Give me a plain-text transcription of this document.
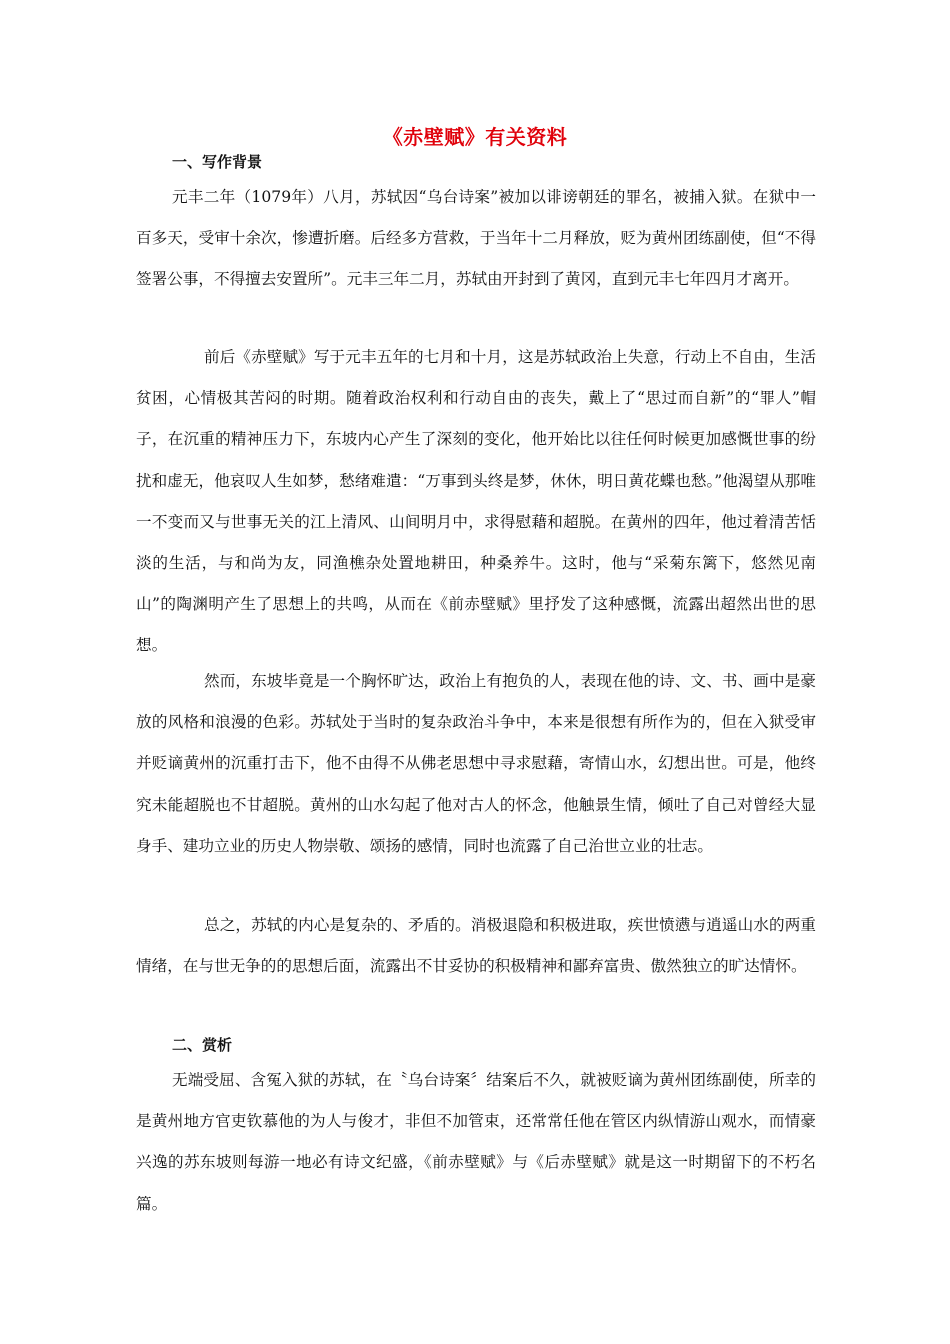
《赤壁赋》有关资料
一、写作背景

元丰二年（1079年）八月，苏轼因“乌台诗案”被加以诽谤朝廷的罪名，被捕入狱。在狱中一百多天，受审十余次，惨遭折磨。后经多方营救，于当年十二月释放，贬为黄州团练副使，但“不得签署公事，不得擅去安置所”。元丰三年二月，苏轼由开封到了黄冈，直到元丰七年四月才离开。

前后《赤壁赋》写于元丰五年的七月和十月，这是苏轼政治上失意，行动上不自由，生活贫困，心情极其苦闷的时期。随着政治权利和行动自由的丧失，戴上了“思过而自新”的“罪人”帽子，在沉重的精神压力下，东坡内心产生了深刻的变化，他开始比以往任何时候更加感慨世事的纷扰和虚无，他哀叹人生如梦，愁绪难遣：“万事到头终是梦，休休，明日黄花蝶也愁。”他渴望从那唯一不变而又与世事无关的江上清风、山间明月中，求得慰藉和超脱。在黄州的四年，他过着清苦恬淡的生活，与和尚为友，同渔樵杂处置地耕田，种桑养牛。这时，他与“采菊东篱下，悠然见南山”的陶渊明产生了思想上的共鸣，从而在《前赤壁赋》里抒发了这种感慨，流露出超然出世的思想。

然而，东坡毕竟是一个胸怀旷达，政治上有抱负的人，表现在他的诗、文、书、画中是豪放的风格和浪漫的色彩。苏轼处于当时的复杂政治斗争中，本来是很想有所作为的，但在入狱受审并贬谪黄州的沉重打击下，他不由得不从佛老思想中寻求慰藉，寄情山水，幻想出世。可是，他终究未能超脱也不甘超脱。黄州的山水勾起了他对古人的怀念，他触景生情，倾吐了自己对曾经大显身手、建功立业的历史人物崇敬、颂扬的感情，同时也流露了自己治世立业的壮志。

总之，苏轼的内心是复杂的、矛盾的。消极退隐和积极进取，疾世愤懑与逍遥山水的两重情绪，在与世无争的的思想后面，流露出不甘妥协的积极精神和鄙弃富贵、傲然独立的旷达情怀。

二、赏析

无端受屈、含冤入狱的苏轼，在〝乌台诗案〞结案后不久，就被贬谪为黄州团练副使，所幸的是黄州地方官吏钦慕他的为人与俊才，非但不加管束，还常常任他在管区内纵情游山观水，而情豪兴逸的苏东坡则每游一地必有诗文纪盛，《前赤壁赋》与《后赤壁赋》就是这一时期留下的不朽名篇。
